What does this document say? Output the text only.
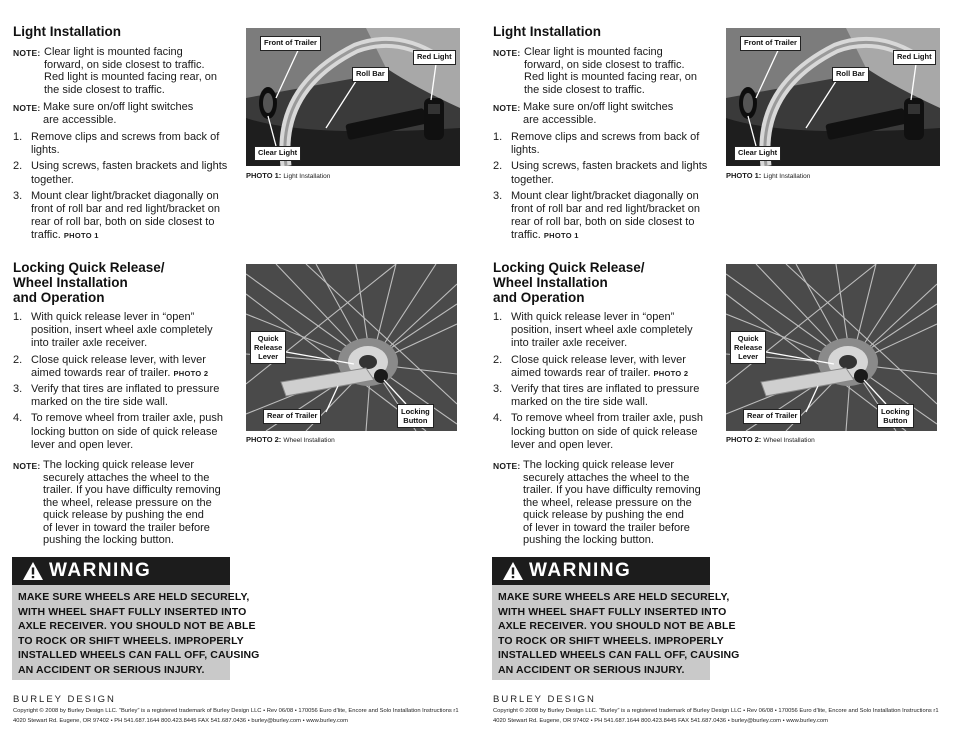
Light Installation
NOTE: Clear light is mounted facing
forward, on side closest to traffic.
Red light is mounted facing rear, on
the side closest to traffic.
NOTE: Make sure on/off light switches
are accessible.
1. Remove clips and screws from back of lights.
2. Using screws, fasten brackets and lights together.
3. Mount clear light/bracket diagonally on front of roll bar and red light/bracket on rear of roll bar, both on side closest to traffic. PHOTO 1
Front of Trailer
Red Light
Roll Bar
Clear Light
PHOTO 1: Light Installation
Locking Quick Release/
Wheel Installation
and Operation
1. With quick release lever in “open” position, insert wheel axle completely into trailer axle receiver.
2. Close quick release lever, with lever aimed towards rear of trailer. PHOTO 2
3. Verify that tires are inflated to pressure marked on the tire side wall.
4. To remove wheel from trailer axle, push locking button on side of quick release lever and open lever.
NOTE: The locking quick release lever
securely attaches the wheel to the
trailer. If you have difficulty removing
the wheel, release pressure on the
quick release by pushing the end
of lever in toward the trailer before
pushing the locking button.
Quick
Release
Lever
Rear of Trailer	Locking
Button
PHOTO 2: Wheel Installation
WARNING
MAKE SURE WHEELS ARE HELD SECURELY,
WITH WHEEL SHAFT FULLY INSERTED INTO
AXLE RECEIVER. YOU SHOULD NOT BE ABLE
TO ROCK OR SHIFT WHEELS. IMPROPERLY
INSTALLED WHEELS CAN FALL OFF, CAUSING
AN ACCIDENT OR SERIOUS INJURY.
BURLEY DESIGN
Copyright © 2008 by Burley Design LLC. “Burley” is a registered trademark of Burley Design LLC • Rev 06/08 • 170056 Euro d’lite, Encore and Solo Installation Instructions r1
4020 Stewart Rd. Eugene, OR 97402 • PH 541.687.1644 800.423.8445 FAX 541.687.0436 • burley@burley.com • www.burley.com
Light Installation
NOTE: Clear light is mounted facing
forward, on side closest to traffic.
Red light is mounted facing rear, on
the side closest to traffic.
NOTE: Make sure on/off light switches
are accessible.
1. Remove clips and screws from back of lights.
2. Using screws, fasten brackets and lights together.
3. Mount clear light/bracket diagonally on front of roll bar and red light/bracket on rear of roll bar, both on side closest to traffic. PHOTO 1
Front of Trailer
Red Light
Roll Bar
Clear Light
PHOTO 1: Light Installation
Locking Quick Release/
Wheel Installation
and Operation
1. With quick release lever in “open” position, insert wheel axle completely into trailer axle receiver.
2. Close quick release lever, with lever aimed towards rear of trailer. PHOTO 2
3. Verify that tires are inflated to pressure marked on the tire side wall.
4. To remove wheel from trailer axle, push locking button on side of quick release lever and open lever.
NOTE: The locking quick release lever
securely attaches the wheel to the
trailer. If you have difficulty removing
the wheel, release pressure on the
quick release by pushing the end
of lever in toward the trailer before
pushing the locking button.
Quick
Release
Lever
Rear of Trailer	Locking
Button
PHOTO 2: Wheel Installation
WARNING
MAKE SURE WHEELS ARE HELD SECURELY,
WITH WHEEL SHAFT FULLY INSERTED INTO
AXLE RECEIVER. YOU SHOULD NOT BE ABLE
TO ROCK OR SHIFT WHEELS. IMPROPERLY
INSTALLED WHEELS CAN FALL OFF, CAUSING
AN ACCIDENT OR SERIOUS INJURY.
BURLEY DESIGN
Copyright © 2008 by Burley Design LLC. “Burley” is a registered trademark of Burley Design LLC • Rev 06/08 • 170056 Euro d’lite, Encore and Solo Installation Instructions r1
4020 Stewart Rd. Eugene, OR 97402 • PH 541.687.1644 800.423.8445 FAX 541.687.0436 • burley@burley.com • www.burley.com
